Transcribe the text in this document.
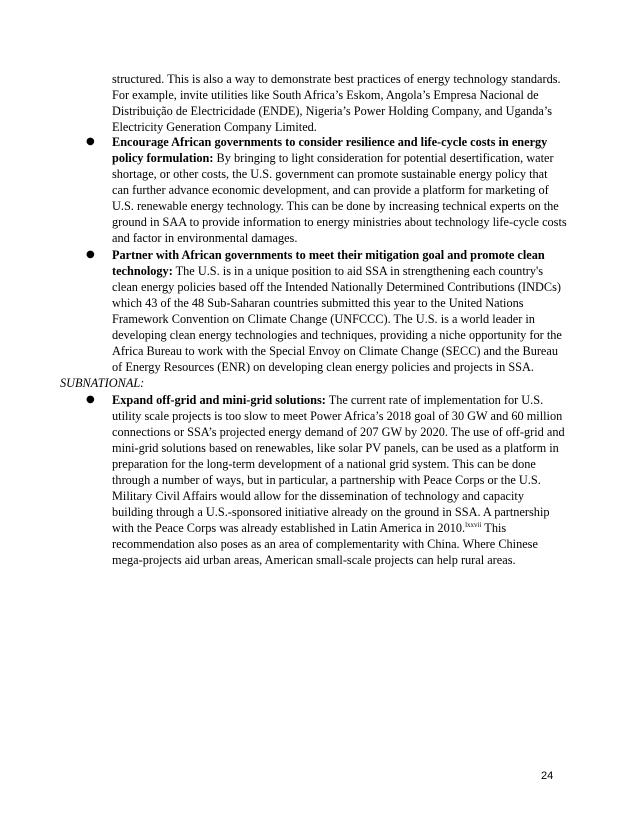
structured. This is also a way to demonstrate best practices of energy technology standards. For example, invite utilities like South Africa’s Eskom, Angola’s Empresa Nacional de Distribuição de Electricidade (ENDE), Nigeria’s Power Holding Company, and Uganda’s Electricity Generation Company Limited.

● Encourage African governments to consider resilience and life-cycle costs in energy policy formulation: By bringing to light consideration for potential desertification, water shortage, or other costs, the U.S. government can promote sustainable energy policy that can further advance economic development, and can provide a platform for marketing of U.S. renewable energy technology. This can be done by increasing technical experts on the ground in SAA to provide information to energy ministries about technology life-cycle costs and factor in environmental damages.

● Partner with African governments to meet their mitigation goal and promote clean technology: The U.S. is in a unique position to aid SSA in strengthening each country's clean energy policies based off the Intended Nationally Determined Contributions (INDCs) which 43 of the 48 Sub-Saharan countries submitted this year to the United Nations Framework Convention on Climate Change (UNFCCC). The U.S. is a world leader in developing clean energy technologies and techniques, providing a niche opportunity for the Africa Bureau to work with the Special Envoy on Climate Change (SECC) and the Bureau of Energy Resources (ENR) on developing clean energy policies and projects in SSA.

SUBNATIONAL:
● Expand off-grid and mini-grid solutions: The current rate of implementation for U.S. utility scale projects is too slow to meet Power Africa’s 2018 goal of 30 GW and 60 million connections or SSA’s projected energy demand of 207 GW by 2020. The use of off-grid and mini-grid solutions based on renewables, like solar PV panels, can be used as a platform in preparation for the long-term development of a national grid system. This can be done through a number of ways, but in particular, a partnership with Peace Corps or the U.S. Military Civil Affairs would allow for the dissemination of technology and capacity building through a U.S.-sponsored initiative already on the ground in SSA. A partnership with the Peace Corps was already established in Latin America in 2010.$^{lxxvii}$ This recommendation also poses as an area of complementarity with China. Where Chinese mega-projects aid urban areas, American small-scale projects can help rural areas.

24
